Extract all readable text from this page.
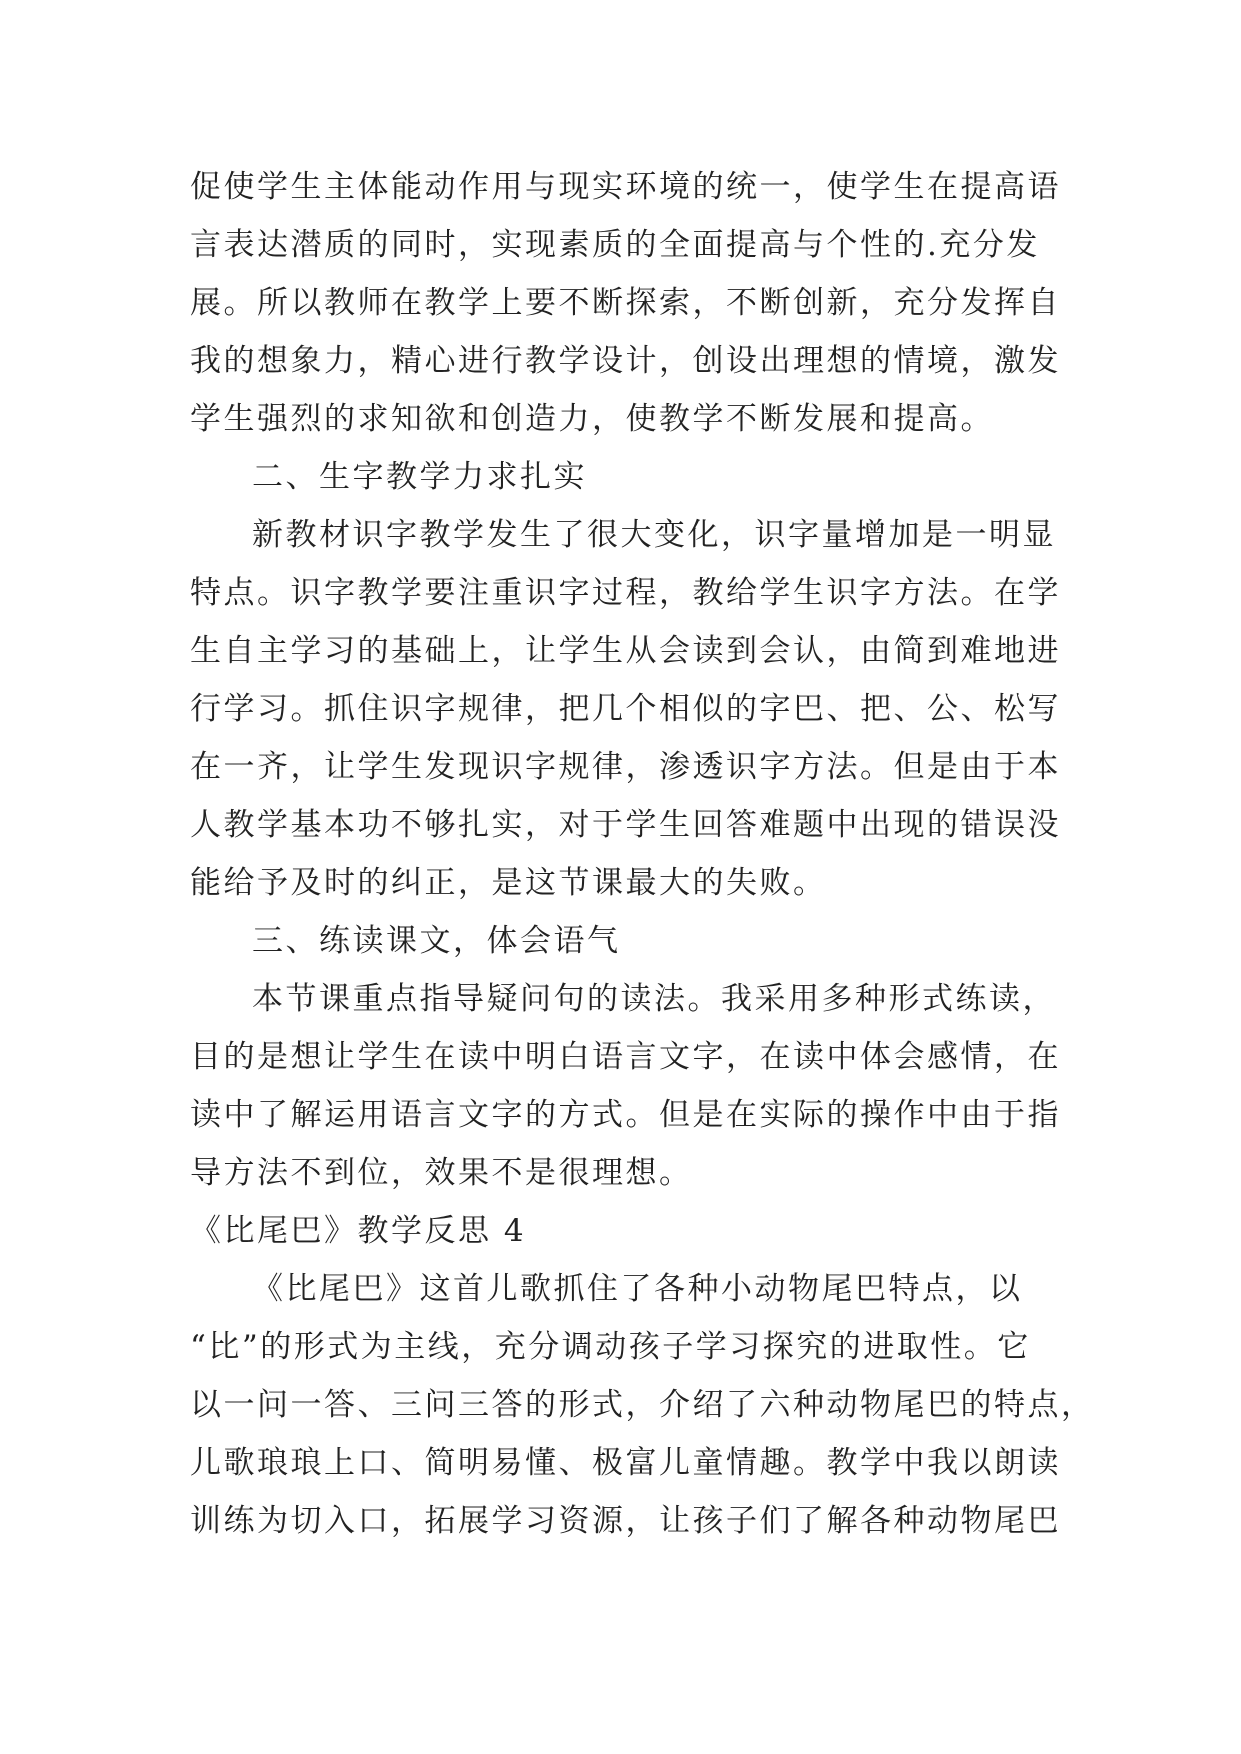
促使学生主体能动作用与现实环境的统一，使学生在提高语
言表达潜质的同时，实现素质的全面提高与个性的.充分发
展。所以教师在教学上要不断探索，不断创新，充分发挥自
我的想象力，精心进行教学设计，创设出理想的情境，激发
学生强烈的求知欲和创造力，使教学不断发展和提高。
二、生字教学力求扎实
新教材识字教学发生了很大变化，识字量增加是一明显
特点。识字教学要注重识字过程，教给学生识字方法。在学
生自主学习的基础上，让学生从会读到会认，由简到难地进
行学习。抓住识字规律，把几个相似的字巴、把、公、松写
在一齐，让学生发现识字规律，渗透识字方法。但是由于本
人教学基本功不够扎实，对于学生回答难题中出现的错误没
能给予及时的纠正，是这节课最大的失败。
三、练读课文，体会语气
本节课重点指导疑问句的读法。我采用多种形式练读，
目的是想让学生在读中明白语言文字，在读中体会感情，在
读中了解运用语言文字的方式。但是在实际的操作中由于指
导方法不到位，效果不是很理想。
《比尾巴》教学反思 4
《比尾巴》这首儿歌抓住了各种小动物尾巴特点，以
“比”的形式为主线，充分调动孩子学习探究的进取性。它
以一问一答、三问三答的形式，介绍了六种动物尾巴的特点，
儿歌琅琅上口、简明易懂、极富儿童情趣。教学中我以朗读
训练为切入口，拓展学习资源，让孩子们了解各种动物尾巴
